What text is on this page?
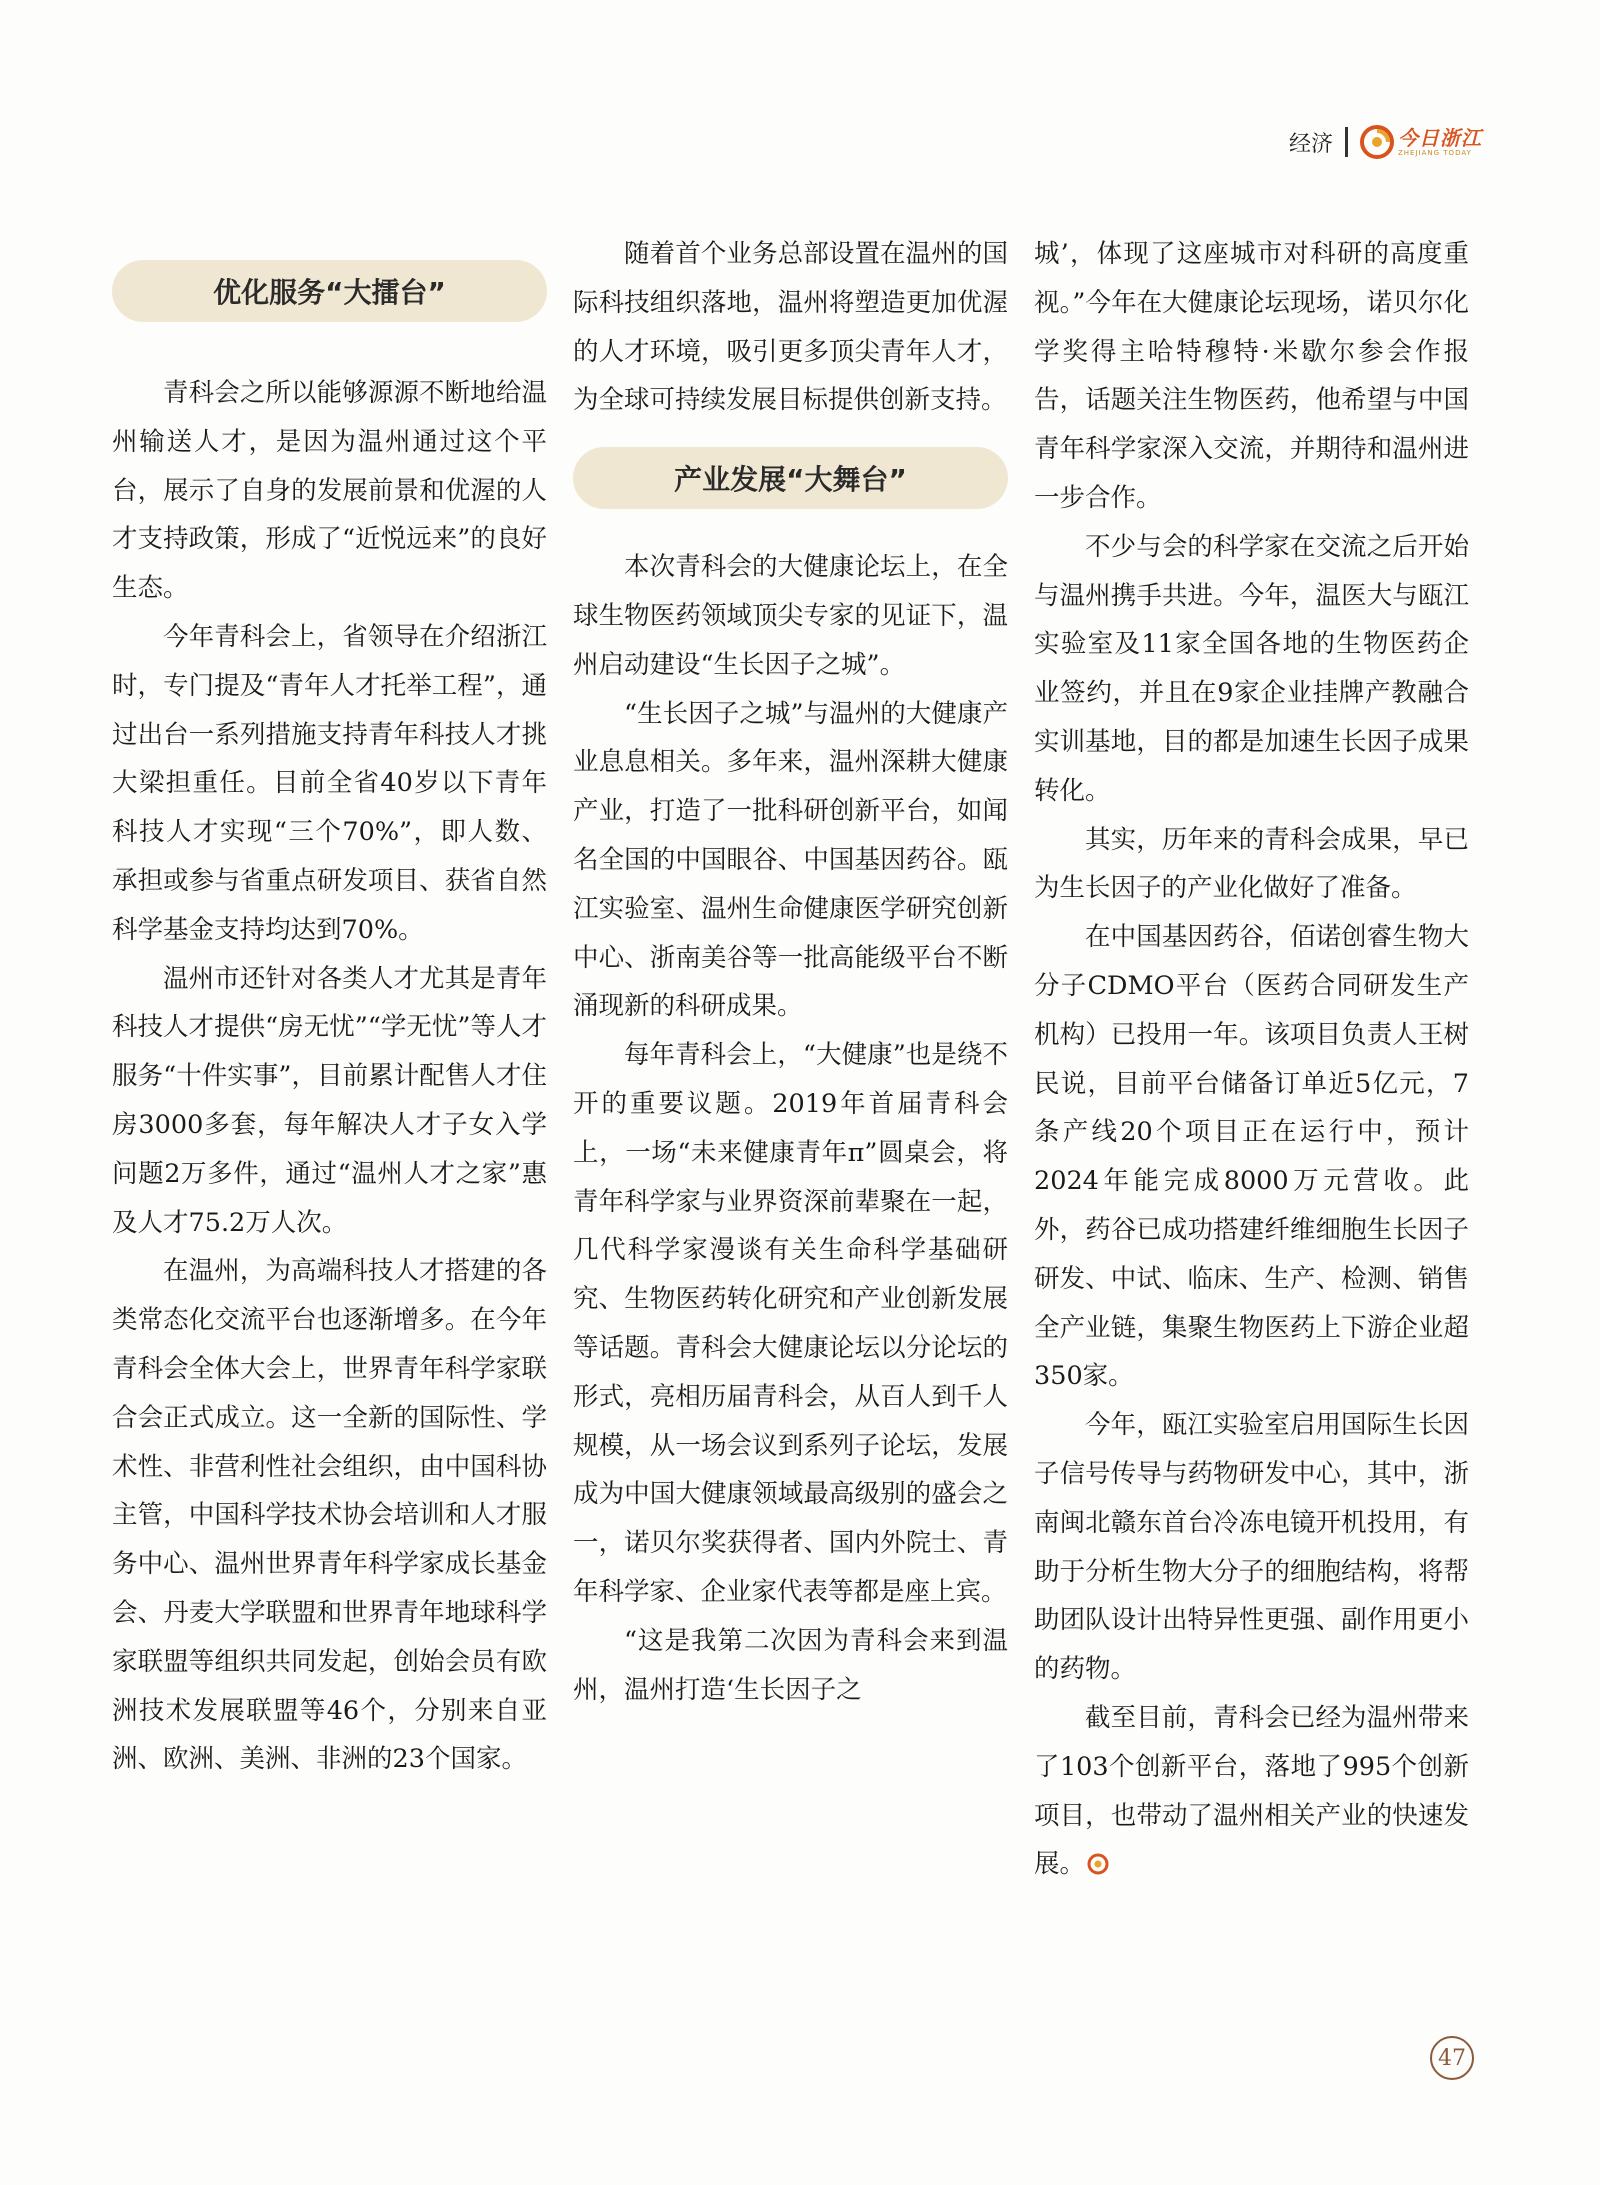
经济	今日浙江
ZHEJIANG TODAY
优化服务“大擂台”

青科会之所以能够源源不断地给温州输送人才，是因为温州通过这个平台，展示了自身的发展前景和优渥的人才支持政策，形成了“近悦远来”的良好生态。

今年青科会上，省领导在介绍浙江时，专门提及“青年人才托举工程”，通过出台一系列措施支持青年科技人才挑大梁担重任。目前全省40岁以下青年科技人才实现“三个70%”，即人数、承担或参与省重点研发项目、获省自然科学基金支持均达到70%。

温州市还针对各类人才尤其是青年科技人才提供“房无忧”“学无忧”等人才服务“十件实事”，目前累计配售人才住房3000多套，每年解决人才子女入学问题2万多件，通过“温州人才之家”惠及人才75.2万人次。

在温州，为高端科技人才搭建的各类常态化交流平台也逐渐增多。在今年青科会全体大会上，世界青年科学家联合会正式成立。这一全新的国际性、学术性、非营利性社会组织，由中国科协主管，中国科学技术协会培训和人才服务中心、温州世界青年科学家成长基金会、丹麦大学联盟和世界青年地球科学家联盟等组织共同发起，创始会员有欧洲技术发展联盟等46个，分别来自亚洲、欧洲、美洲、非洲的23个国家。

随着首个业务总部设置在温州的国际科技组织落地，温州将塑造更加优渥的人才环境，吸引更多顶尖青年人才，为全球可持续发展目标提供创新支持。

产业发展“大舞台”

本次青科会的大健康论坛上，在全球生物医药领域顶尖专家的见证下，温州启动建设“生长因子之城”。

“生长因子之城”与温州的大健康产业息息相关。多年来，温州深耕大健康产业，打造了一批科研创新平台，如闻名全国的中国眼谷、中国基因药谷。瓯江实验室、温州生命健康医学研究创新中心、浙南美谷等一批高能级平台不断涌现新的科研成果。

每年青科会上，“大健康”也是绕不开的重要议题。2019年首届青科会上，一场“未来健康青年π”圆桌会，将青年科学家与业界资深前辈聚在一起，几代科学家漫谈有关生命科学基础研究、生物医药转化研究和产业创新发展等话题。青科会大健康论坛以分论坛的形式，亮相历届青科会，从百人到千人规模，从一场会议到系列子论坛，发展成为中国大健康领域最高级别的盛会之一，诺贝尔奖获得者、国内外院士、青年科学家、企业家代表等都是座上宾。

“这是我第二次因为青科会来到温州，温州打造‘生长因子之

城’，体现了这座城市对科研的高度重视。”今年在大健康论坛现场，诺贝尔化学奖得主哈特穆特·米歇尔参会作报告，话题关注生物医药，他希望与中国青年科学家深入交流，并期待和温州进一步合作。

不少与会的科学家在交流之后开始与温州携手共进。今年，温医大与瓯江实验室及11家全国各地的生物医药企业签约，并且在9家企业挂牌产教融合实训基地，目的都是加速生长因子成果转化。

其实，历年来的青科会成果，早已为生长因子的产业化做好了准备。

在中国基因药谷，佰诺创睿生物大分子CDMO平台（医药合同研发生产机构）已投用一年。该项目负责人王树民说，目前平台储备订单近5亿元，7条产线20个项目正在运行中，预计2024年能完成8000万元营收。此外，药谷已成功搭建纤维细胞生长因子研发、中试、临床、生产、检测、销售全产业链，集聚生物医药上下游企业超350家。

今年，瓯江实验室启用国际生长因子信号传导与药物研发中心，其中，浙南闽北赣东首台冷冻电镜开机投用，有助于分析生物大分子的细胞结构，将帮助团队设计出特异性更强、副作用更小的药物。

截至目前，青科会已经为温州带来了103个创新平台，落地了995个创新项目，也带动了温州相关产业的快速发展。

47
